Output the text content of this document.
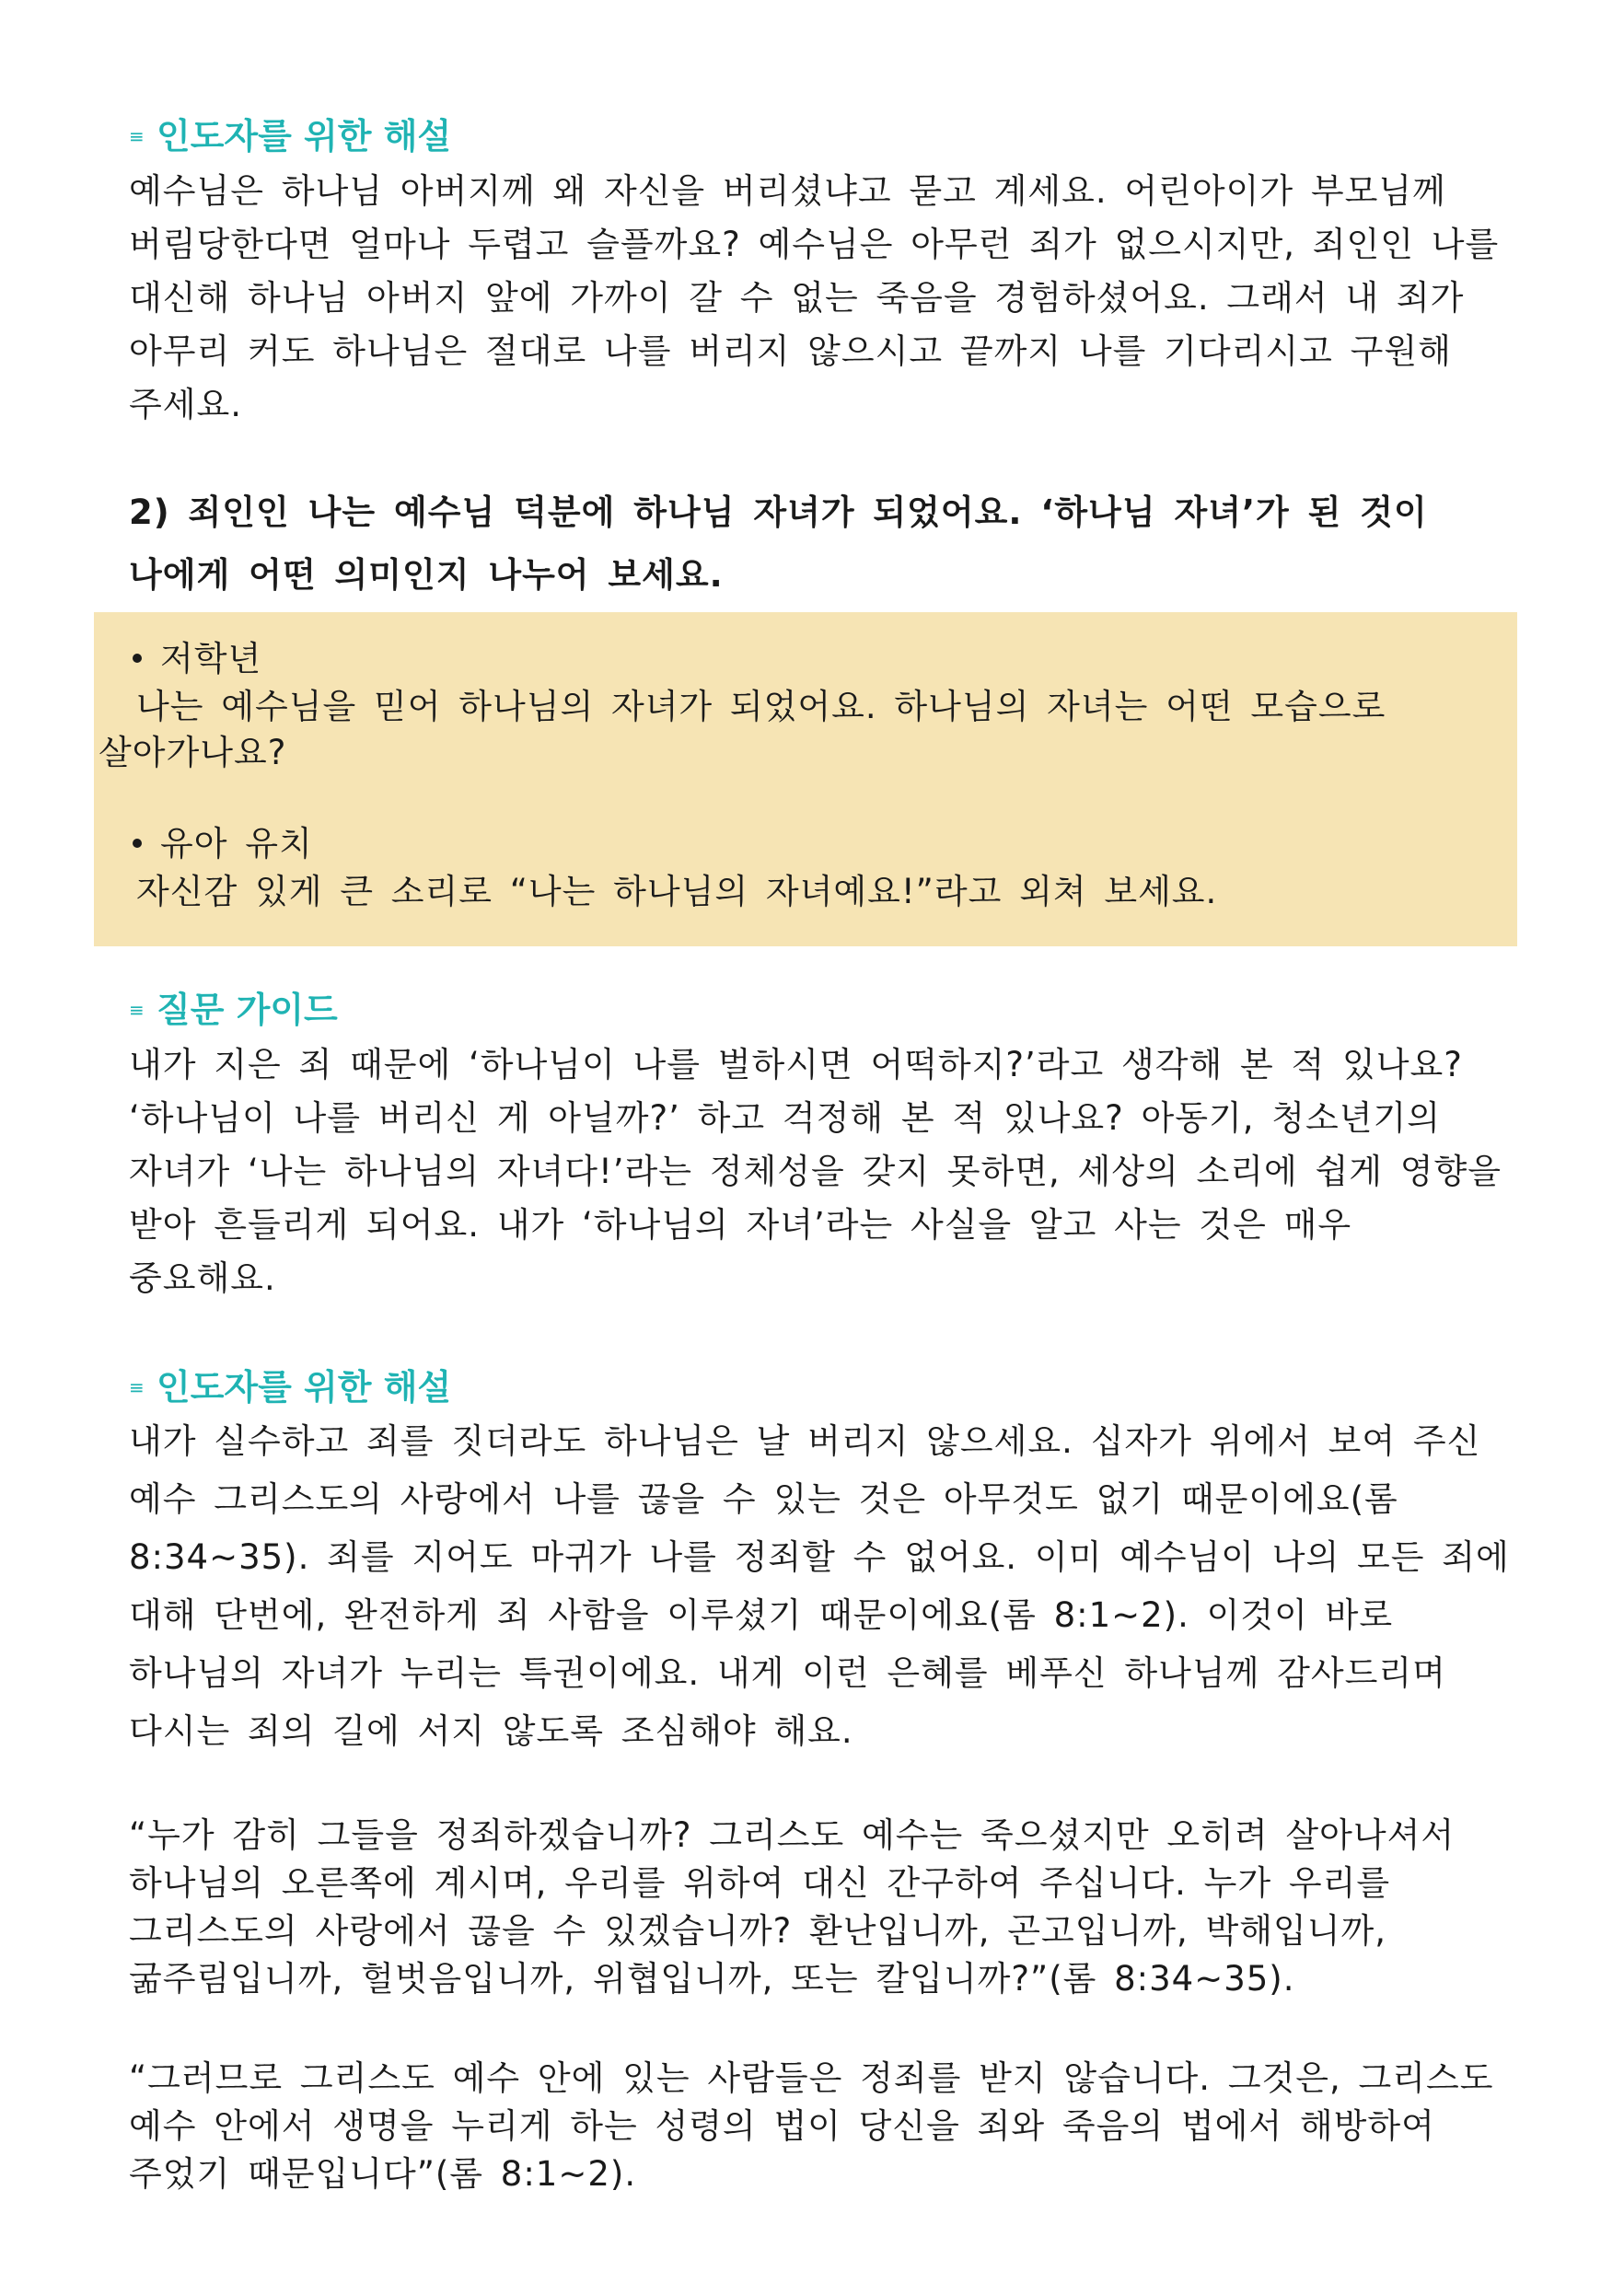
≡ 인도자를 위한 해설
예수님은 하나님 아버지께 왜 자신을 버리셨냐고 묻고 계세요. 어린아이가 부모님께
버림당한다면 얼마나 두렵고 슬플까요? 예수님은 아무런 죄가 없으시지만, 죄인인 나를
대신해 하나님 아버지 앞에 가까이 갈 수 없는 죽음을 경험하셨어요. 그래서 내 죄가
아무리 커도 하나님은 절대로 나를 버리지 않으시고 끝까지 나를 기다리시고 구원해
주세요.
2) 죄인인 나는 예수님 덕분에 하나님 자녀가 되었어요. ‘하나님 자녀’가 된 것이
나에게 어떤 의미인지 나누어 보세요.
저학년
나는 예수님을 믿어 하나님의 자녀가 되었어요. 하나님의 자녀는 어떤 모습으로
살아가나요?
유아 유치
자신감 있게 큰 소리로 “나는 하나님의 자녀예요!”라고 외쳐 보세요.
≡ 질문 가이드
내가 지은 죄 때문에 ‘하나님이 나를 벌하시면 어떡하지?’라고 생각해 본 적 있나요?
‘하나님이 나를 버리신 게 아닐까?’ 하고 걱정해 본 적 있나요? 아동기, 청소년기의
자녀가 ‘나는 하나님의 자녀다!’라는 정체성을 갖지 못하면, 세상의 소리에 쉽게 영향을
받아 흔들리게 되어요. 내가 ‘하나님의 자녀’라는 사실을 알고 사는 것은 매우
중요해요.
≡ 인도자를 위한 해설
내가 실수하고 죄를 짓더라도 하나님은 날 버리지 않으세요. 십자가 위에서 보여 주신
예수 그리스도의 사랑에서 나를 끊을 수 있는 것은 아무것도 없기 때문이에요(롬
8:34~35). 죄를 지어도 마귀가 나를 정죄할 수 없어요. 이미 예수님이 나의 모든 죄에
대해 단번에, 완전하게 죄 사함을 이루셨기 때문이에요(롬 8:1~2). 이것이 바로
하나님의 자녀가 누리는 특권이에요. 내게 이런 은혜를 베푸신 하나님께 감사드리며
다시는 죄의 길에 서지 않도록 조심해야 해요.
“누가 감히 그들을 정죄하겠습니까? 그리스도 예수는 죽으셨지만 오히려 살아나셔서
하나님의 오른쪽에 계시며, 우리를 위하여 대신 간구하여 주십니다. 누가 우리를
그리스도의 사랑에서 끊을 수 있겠습니까? 환난입니까, 곤고입니까, 박해입니까,
굶주림입니까, 헐벗음입니까, 위협입니까, 또는 칼입니까?”(롬 8:34~35).
“그러므로 그리스도 예수 안에 있는 사람들은 정죄를 받지 않습니다. 그것은, 그리스도
예수 안에서 생명을 누리게 하는 성령의 법이 당신을 죄와 죽음의 법에서 해방하여
주었기 때문입니다”(롬 8:1~2).
